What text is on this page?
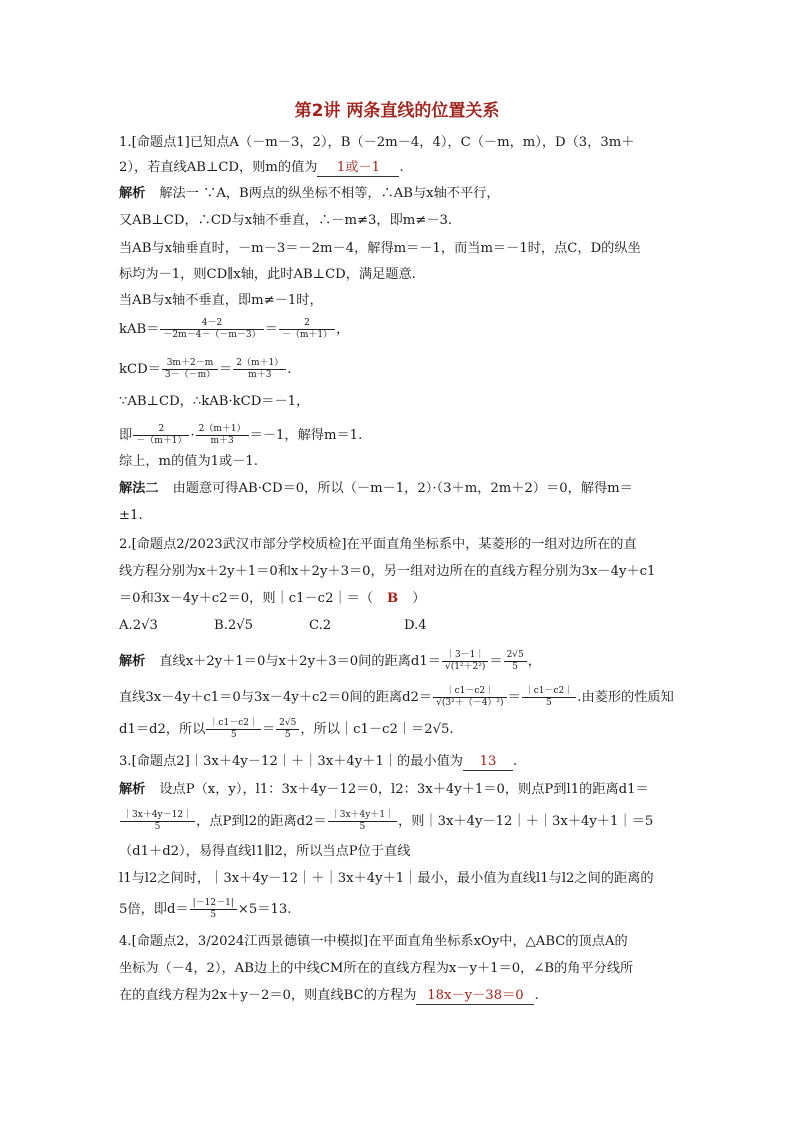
第2讲 两条直线的位置关系
1.[命题点1]已知点A（－m－3，2），B（－2m－4，4），C（－m，m），D（3，3m＋
2），若直线AB⊥CD，则m的值为 1或－1 .
解析 解法一 ∵A，B两点的纵坐标不相等，∴AB与x轴不平行，
又AB⊥CD，∴CD与x轴不垂直，∴－m≠3，即m≠－3.
当AB与x轴垂直时，－m－3＝－2m－4，解得m＝－1，而当m＝－1时，点C，D的纵坐
标均为－1，则CD∥x轴，此时AB⊥CD，满足题意.
当AB与x轴不垂直，即m≠－1时，
$kAB= \frac{4-2}{-2m-4-(-m-3)} = \frac{2}{-(m+1)}$ ，
$kCD= \frac{3m+2-m}{3-(-m)} = \frac{2(m+1)}{m+3}$ .
∵AB⊥CD，∴kAB·kCD＝－1，
即 $\frac{2}{-(m+1)} \cdot \frac{2(m+1)}{m+3} =-1$，解得m＝1.
综上，m的值为1或－1.
解法二 由题意可得AB·CD＝0，所以（－m－1，2）·（3＋m，2m＋2）＝0，解得m＝
±1.
2.[命题点2/2023武汉市部分学校质检]在平面直角坐标系中，某菱形的一组对边所在的直
线方程分别为x＋2y＋1＝0和x＋2y＋3＝0，另一组对边所在的直线方程分别为3x－4y＋c1
＝0和3x－4y＋c2＝0，则｜c1－c2｜＝（ B ）
A.2√3	B.2√5	C.2	D.4
解析 直线x＋2y＋1＝0与x＋2y＋3＝0间的距离$d1= \frac{|3-1|}{\text{√(1²＋2²)}} = \frac{2√5}{5}$ ，
直线3x－4y＋c1＝0与3x－4y＋c2＝0间的距离$d2= \frac{|c1-c2|}{\text{√(3²＋（－4）²)}} = \frac{|c1-c2|}{5}$ .由菱形的性质知
d1＝d2，所以 $\frac{|c1-c2|}{5} = \frac{2√5}{5}$ ，所以｜c1－c2｜＝2√5.
3.[命题点2]｜3x＋4y－12｜＋｜3x＋4y＋1｜的最小值为 13 .
解析 设点P（x，y），l1：3x＋4y－12＝0，l2：3x＋4y＋1＝0，则点P到l1的距离d1＝
$\frac{|3x+4y-12|}{5}$ ，点P到l2的距离$d2= \frac{|3x+4y+1|}{5}$ ，则｜3x＋4y－12｜＋｜3x＋4y＋1｜＝5
（d1＋d2），易得直线l1∥l2，所以当点P位于直线
l1与l2之间时，｜3x＋4y－12｜＋｜3x＋4y＋1｜最小，最小值为直线l1与l2之间的距离的
5倍，即$d= \frac{|-12-1|}{5} \times 5=13$.
4.[命题点2，3/2024江西景德镇一中模拟]在平面直角坐标系xOy中，△ABC的顶点A的
坐标为（－4，2），AB边上的中线CM所在的直线方程为x－y＋1＝0，∠B的角平分线所
在的直线方程为2x＋y－2＝0，则直线BC的方程为 18x－y－38＝0 .
